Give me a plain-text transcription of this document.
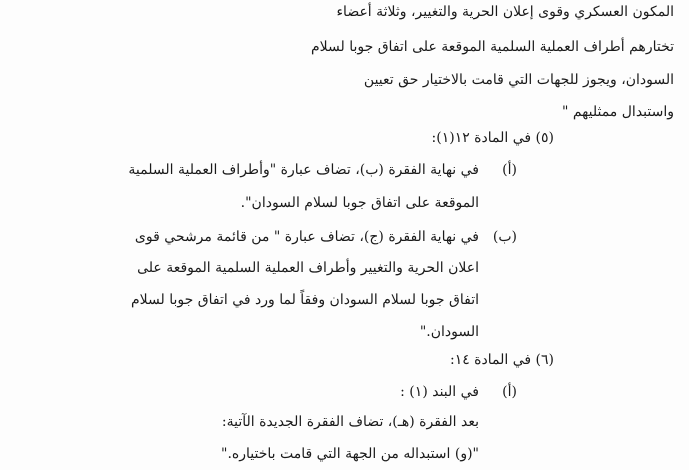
المكون العسكري وقوى إعلان الحرية والتغيير، وثلاثة أعضاء
تختارهم أطراف العملية السلمية الموقعة على اتفاق جوبا لسلام
السودان، ويجوز للجهات التي قامت بالاختيار حق تعيين
واستبدال ممثليهم "
(٥) في المادة ١٢(١):
(أ)
في نهاية الفقرة (ب)، تضاف عبارة "وأطراف العملية السلمية
الموقعة على اتفاق جوبا لسلام السودان".
(ب)
في نهاية الفقرة (ج)، تضاف عبارة " من قائمة مرشحي قوى
اعلان الحرية والتغيير وأطراف العملية السلمية الموقعة على
اتفاق جوبا لسلام السودان وفقاً لما ورد في اتفاق جوبا لسلام
السودان."
(٦) في المادة ١٤:
(أ)
في البند (١) :
بعد الفقرة (هـ)، تضاف الفقرة الجديدة الآتية:
"(و) استبداله من الجهة التي قامت باختياره."
